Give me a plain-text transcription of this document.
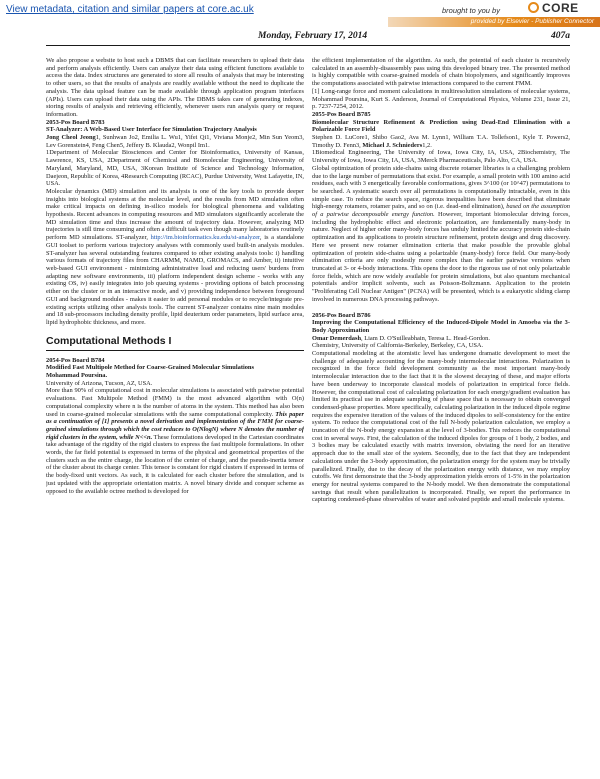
View metadata, citation and similar papers at core.ac.uk	brought to you by	CORE
provided by Elsevier - Publisher Connector
Monday, February 17, 2014	407a

We also propose a website to host such a DBMS that can facilitate researchers to upload their data and perform analysis efficiently. Users can analyze their data using efficient functions available to access the data. Index structures are generated to store all results of analysis that may be interesting to other users, so that the results of analysis are readily available without the need to duplicate the analysis. The data upload feature can be made available through application program interfaces (APIs). Users can upload their data using the APIs. The DBMS takes care of generating indexes, storing results of analysis and retrieving efficiently, whenever users run analysis query or request information.

2053-Pos Board B783

ST-Analyzer: A Web-Based User Interface for Simulation Trajectory Analysis

Jong Cheol Jeong1, Sunhwan Jo2, Emilia L. Wu1, Yifei Qi1, Viviana Monje2, Min Sun Yeom3, Lev Gorenstein4, Feng Chen5, Jeffery B. Klauda2, Wonpil Im1.

1Department of Molecular Biosciences and Center for Bioinformatics, University of Kansas, Lawrence, KS, USA, 2Department of Chemical and Biomolecular Engineering, University of Maryland, Maryland, MD, USA, 3Korean Institute of Science and Technology Information, Daejeon, Republic of Korea, 4Research Computing (RCAC), Purdue University, West Lafayette, IN, USA.

Molecular dynamics (MD) simulation and its analysis is one of the key tools to provide deeper insights into biological systems at the molecular level, and the results from MD simulation often make critical impacts on defining in-silico models for biological phenomena and validating hypothesis. Recent advances in computing resources and MD simulators significantly accelerate the MD simulation time and thus increase the amount of trajectory data. However, analyzing MD trajectories is still time consuming and often a difficult task even though many laboratories routinely perform MD simulations. ST-analyzer, http://im.bioinformatics.ku.edu/st-analyzer, is a standalone GUI toolset to perform various trajectory analyses with commonly used built-in analysis modules. ST-analyzer has several outstanding features compared to other existing analysis tools: i) handling various formats of trajectory files from CHARMM, NAMD, GROMACS, and Amber, ii) intuitive web-based GUI environment - minimizing administrative load and reducing users' burdens from adapting new software environments, iii) platform independent design scheme - works with any existing OS, iv) easily integrates into job queuing systems - providing options of batch processing either on the cluster or in an interactive mode, and v) providing independence between foreground GUI and background modules - makes it easier to add personal modules or to recycle/integrate pre-existing scripts utilizing other analysis tools. The current ST-analyzer contains nine main modules and 18 sub-processors including density profile, lipid deuterium order parameters, lipid surface area, lipid hydrophobic thickness, and more.

Computational Methods I

2054-Pos Board B784

Modified Fast Multipole Method for Coarse-Grained Molecular Simulations

Mohammad Poursina.

University of Arizona, Tucson, AZ, USA.

More than 90% of computational cost in molecular simulations is associated with pairwise potential evaluations. Fast Multipole Method (FMM) is the most advanced algorithm with O(n) computational complexity where n is the number of atoms in the system. This method has also been used in coarse-grained molecular simulations with the same computational complexity. This paper as a continuation of [1] presents a novel derivation and implementation of the FMM for coarse-grained simulations through which the cost reduces to O(NlogN) where N denotes the number of rigid clusters in the system, while N<<n. These formulations developed in the Cartesian coordinates take advantage of the rigidity of the rigid clusters to express the fast multipole formulations. In other words, the far field potential is expressed in terms of the physical and geometrical properties of the clusters such as the entire charge, the location of the center of charge, and the pseudo-inertia tensor of the cluster about its charge center. This tensor is constant for rigid clusters if expressed in terms of the body-fixed unit vectors. As such, it is calculated for each cluster before the simulation, and is just updated with the appropriate orientation matrix. A novel binary divide and conquer scheme as opposed to the available octree method is developed for

the efficient implementation of the algorithm. As such, the potential of each cluster is recursively calculated in an assembly-disassembly pass using this developed binary tree. The presented method is highly compatible with coarse-grained models of chain biopolymers, and significantly improves the computations associated with pairwise interactions compared to the current FMM.

[1] Long-range force and moment calculations in multiresolution simulations of molecular systems, Mohammad Poursina, Kurt S. Anderson, Journal of Computational Physics, Volume 231, Issue 21, p. 7237-7254, 2012.

2055-Pos Board B785

Biomolecular Structure Refinement & Prediction using Dead-End Elimination with a Polarizable Force Field

Stephen D. LuCore1, Shibo Gao2, Ava M. Lynn1, William T.A. Tollefson1, Kyle T. Powers2, Timothy D. Fenn3, Michael J. Schnieders1,2.

1Biomedical Engineering, The University of Iowa, Iowa City, IA, USA, 2Biochemistry, The University of Iowa, Iowa City, IA, USA, 3Merck Pharmaceuticals, Palo Alto, CA, USA.

Global optimization of protein side-chains using discrete rotamer libraries is a challenging problem due to the large number of permutations that exist. For example, a small protein with 100 amino acid residues, each with 3 energetically favorable conformations, gives 3^100 (or 10^47) permutations to be searched. A systematic search over all permutations is computationally intractable, even in this simple case. To reduce the search space, rigorous inequalities have been described that eliminate high-energy rotamers, rotamer pairs, and so on (i.e. dead-end elimination), based on the assumption of a pairwise decomposable energy function. However, important biomolecular driving forces, including the hydrophobic effect and electronic polarization, are fundamentally many-body in nature. Neglect of higher order many-body forces has unduly limited the accuracy protein side-chain optimization and its applications to protein structure refinement, protein design and drug discovery. Here we present new rotamer elimination criteria that make possible the provable global optimization of protein side-chains using a polarizable (many-body) force field. Our many-body elimination criteria are only modestly more complex than the earlier pairwise versions when truncated at 3- or 4-body interactions. This opens the door to the rigorous use of not only polarizable force fields, which are now widely available for protein simulations, but also quantum mechanical potentials and/or implicit solvents, such as Poisson-Boltzmann. Application to the protein "Proliferating Cell Nuclear Antigen" (PCNA) will be presented, which is a eukaryotic sliding clamp involved in numerous DNA processing pathways.

2056-Pos Board B786

Improving the Computational Efficiency of the Induced-Dipole Model in Amoeba via the 3-Body Approximation

Omar Demerdash, Liam D. O'Suilleabhain, Teresa L. Head-Gordon.

Chemistry, University of California-Berkeley, Berkeley, CA, USA.

Computational modeling at the atomistic level has undergone dramatic development to meet the challenge of adequately accounting for the many-body intermolecular interactions. Polarization is recognized in the force field development community as the most important many-body intermolecular interaction due to the fact that it is the slowest decaying of these, and major efforts have been underway to incorporate classical models of polarization in empirical force fields. However, the computational cost of calculating polarization for each energy/gradient evaluation has limited its practical use in adequate sampling of phase space that is necessary to obtain converged condensed-phase properties. More specifically, calculating polarization in the induced dipole regime requires the expensive iteration of the values of the induced dipoles to self-consistency for the entire system. To reduce the computational cost of the full N-body polarization calculation, we employ a truncation of the N-body energy expansion at the level of 3-bodies. This reduces the computational cost in several ways. First, the calculation of the induced dipoles for groups of 1 body, 2 bodies, and 3 bodies may be calculated exactly with matrix inversion, obviating the need for an iterative approach due to the small size of the system. Secondly, due to the fact that they are independent calculations under the 3-body approximation, the polarization energy for the system may be trivially parallelized. Finally, due to the decay of the polarization energy with distance, we may employ cutoffs. We first demonstrate that the 3-body approximation yields errors of 1-5% in the polarization energy for neutral systems compared to the N-body model. We then demonstrate the computational savings that result when parallelization is incorporated. Finally, we report the performance in capturing condensed-phase observables of water and solvated peptide and small molecule systems.
